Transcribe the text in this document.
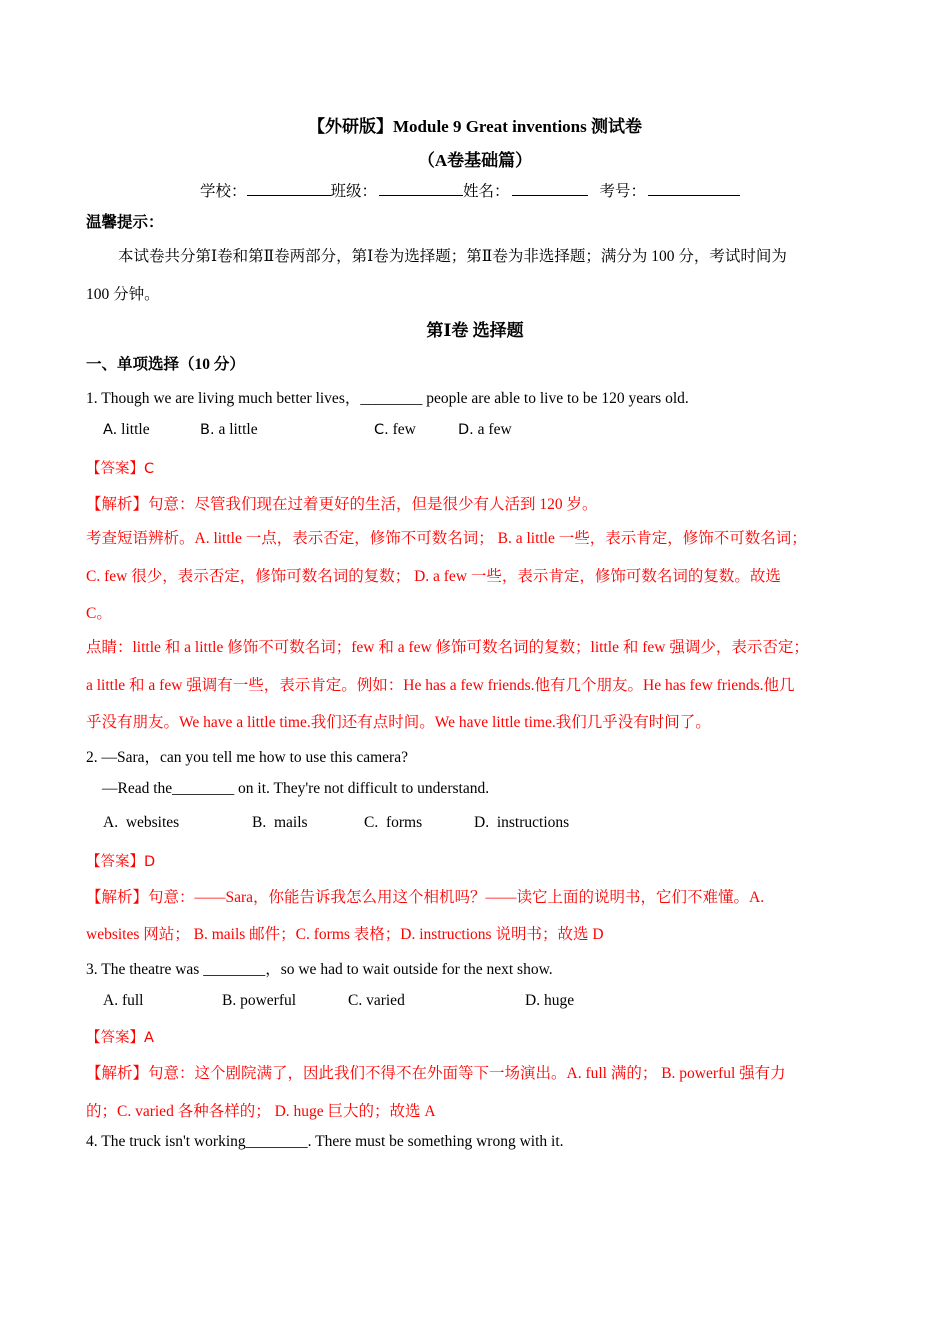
【外研版】Module 9 Great inventions 测试卷
（A卷基础篇）
学校：	班级：	姓名：	考号：
温馨提示：
本试卷共分第Ⅰ卷和第Ⅱ卷两部分，第Ⅰ卷为选择题；第Ⅱ卷为非选择题；满分为 100 分，考试时间为
100 分钟。
第Ⅰ卷 选择题
一、单项选择（10 分）
1. Though we are living much better lives，________ people are able to live to be 120 years old.
A. little	B. a little	C. few	D. a few
【答案】C
【解析】句意：尽管我们现在过着更好的生活，但是很少有人活到 120 岁。
考查短语辨析。A. little 一点，表示否定，修饰不可数名词； B. a little 一些，表示肯定，修饰不可数名词；
C. few 很少，表示否定，修饰可数名词的复数； D. a few 一些，表示肯定，修饰可数名词的复数。故选
C。
点睛：little 和 a little 修饰不可数名词；few 和 a few 修饰可数名词的复数；little 和 few 强调少，表示否定；
a little 和 a few 强调有一些，表示肯定。例如：He has a few friends.他有几个朋友。He has few friends.他几
乎没有朋友。We have a little time.我们还有点时间。We have little time.我们几乎没有时间了。
2. —Sara，can you tell me how to use this camera?
—Read the________ on it. They're not difficult to understand.
A. websites	B. mails	C. forms	D. instructions
【答案】D
【解析】句意：——Sara，你能告诉我怎么用这个相机吗？——读它上面的说明书，它们不难懂。A.
websites 网站； B. mails 邮件；C. forms 表格；D. instructions 说明书；故选 D
3. The theatre was ________，so we had to wait outside for the next show.
A. full	B. powerful	C. varied	D. huge
【答案】A
【解析】句意：这个剧院满了，因此我们不得不在外面等下一场演出。A. full 满的； B. powerful 强有力
的；C. varied 各种各样的； D. huge 巨大的；故选 A
4. The truck isn't working________. There must be something wrong with it.
